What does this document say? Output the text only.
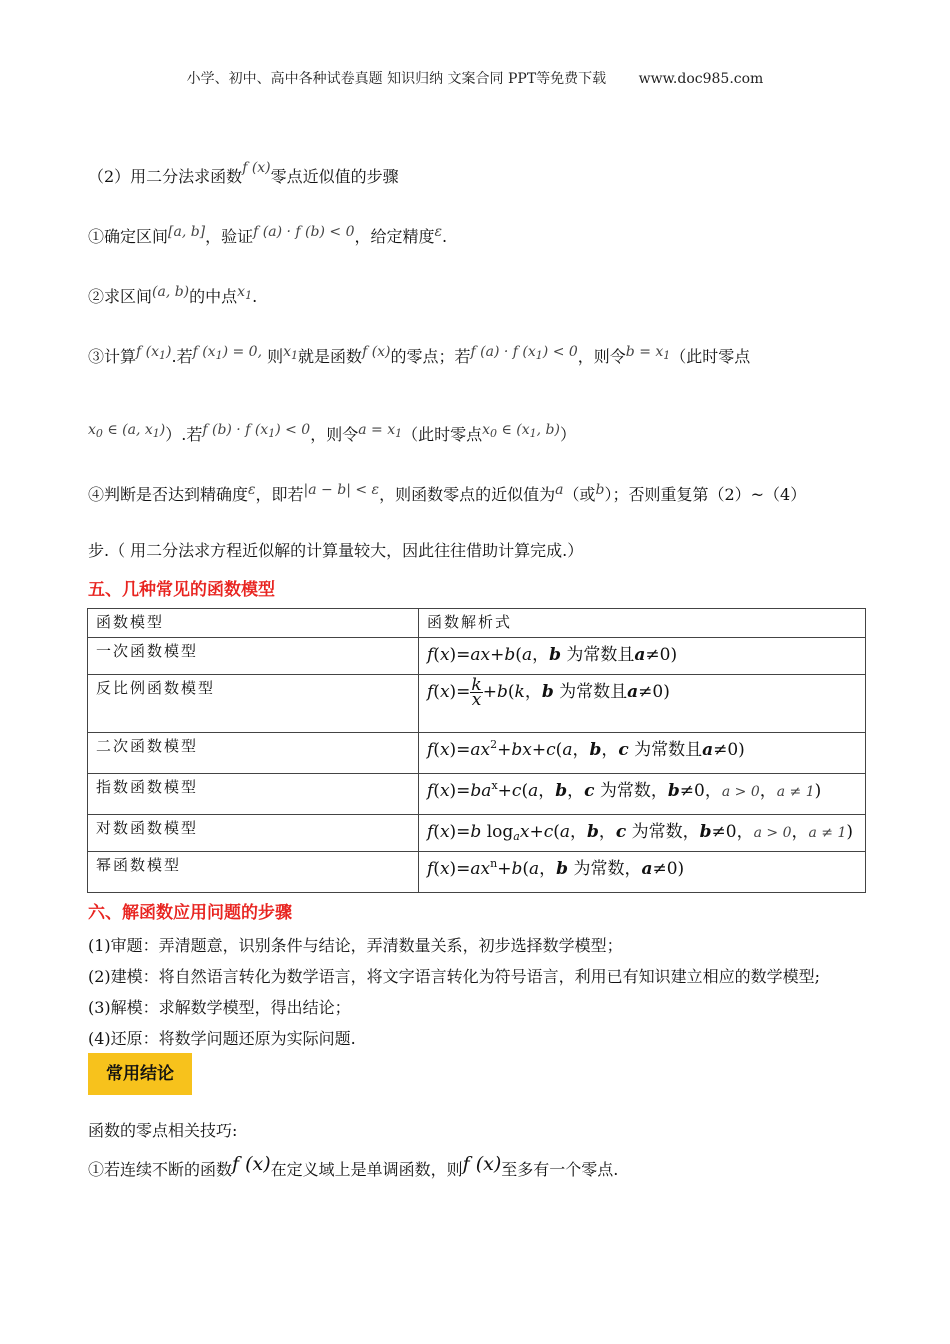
小学、初中、高中各种试卷真题 知识归纳 文案合同 PPT等免费下载 www.doc985.com
（2）用二分法求函数f (x)零点近似值的步骤
①确定区间[a, b]，验证f (a) · f (b) < 0，给定精度ε.
②求区间(a, b)的中点$x_1$.
③计算f $(x_1)$.若f $(x_1) = 0$, 则$x_1$就是函数f (x)的零点；若f (a) · f $(x_1) < 0$，则令$b = x_1$（此时零点
$x_0$ ∈ (a, $x_1$)）.若f (b) · f $(x_1) < 0$，则令$a = x_1$（此时零点$x_0$ ∈ ($x_1$, b)）
④判断是否达到精确度ε，即若|a − b| < ε，则函数零点的近似值为a（或b）；否则重复第（2）~（4）
步.（ 用二分法求方程近似解的计算量较大，因此往往借助计算完成.）
五、几种常见的函数模型
函数模型	函数解析式
一次函数模型	f(x)=ax+b(a，b 为常数且a≠0)
反比例函数模型	$f(x)= \frac{k}{x}+b(k$，b 为常数且a≠0)
二次函数模型	$f(x)=ax^2+bx+c(a$，b，c 为常数且a≠0)
指数函数模型	$f(x)=ba^x+c(a$，b，c 为常数，b≠0，a > 0，a ≠ 1)
对数函数模型	f(x)=b $\log_ax+c(a$，b，c 为常数，b≠0，a > 0，a ≠ 1)
幂函数模型	$f(x)=ax^n+b(a$，b 为常数，a≠0)
六、解函数应用问题的步骤
(1)审题：弄清题意，识别条件与结论，弄清数量关系，初步选择数学模型；
(2)建模：将自然语言转化为数学语言，将文字语言转化为符号语言，利用已有知识建立相应的数学模型;
(3)解模：求解数学模型，得出结论；
(4)还原：将数学问题还原为实际问题.
常用结论
函数的零点相关技巧:
①若连续不断的函数f (x)在定义域上是单调函数，则f (x)至多有一个零点.
